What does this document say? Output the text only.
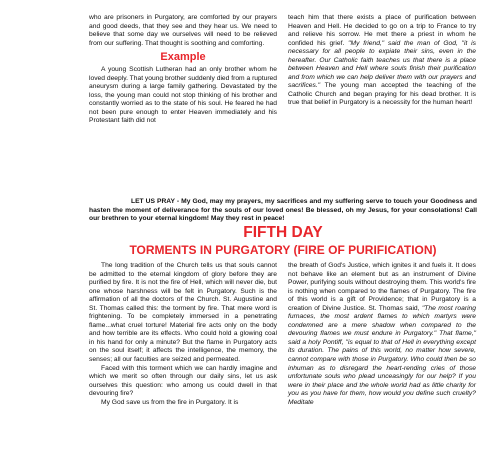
who are prisoners in Purgatory, are comforted by our prayers and good deeds, that they see and they hear us. We need to believe that some day we ourselves will need to be relieved from our suffering. That thought is soothing and comforting.

Example

A young Scottish Lutheran had an only brother whom he loved deeply. That young brother suddenly died from a ruptured aneurysm during a large family gathering. Devastated by the loss, the young man could not stop thinking of his brother and constantly worried as to the state of his soul. He feared he had not been pure enough to enter Heaven immediately and his Protestant faith did not

teach him that there exists a place of purification between Heaven and Hell. He decided to go on a trip to France to try and relieve his sorrow. He met there a priest in whom he confided his grief. "My friend," said the man of God, "it is necessary for all people to expiate their sins, even in the hereafter. Our Catholic faith teaches us that there is a place between Heaven and Hell where souls finish their purification and from which we can help deliver them with our prayers and sacrifices." The young man accepted the teaching of the Catholic Church and began praying for his dead brother. It is true that belief in Purgatory is a necessity for the human heart!

LET US PRAY - My God, may my prayers, my sacrifices and my suffering serve to touch your Goodness and hasten the moment of deliverance for the souls of our loved ones! Be blessed, oh my Jesus, for your consolations! Call our brethren to your eternal kingdom! May they rest in peace!
FIFTH DAY
TORMENTS IN PURGATORY (FIRE OF PURIFICATION)

The long tradition of the Church tells us that souls cannot be admitted to the eternal kingdom of glory before they are purified by fire. It is not the fire of Hell, which will never die, but one whose harshness will be felt in Purgatory. Such is the affirmation of all the doctors of the Church. St. Augustine and St. Thomas called this: the torment by fire. That mere word is frightening. To be completely immersed in a penetrating flame...what cruel torture! Material fire acts only on the body and how terrible are its effects. Who could hold a glowing coal in his hand for only a minute? But the flame in Purgatory acts on the soul itself; it affects the intelligence, the memory, the senses; all our faculties are seized and permeated.

Faced with this torment which we can hardly imagine and which we merit so often through our daily sins, let us ask ourselves this question: who among us could dwell in that devouring fire?

My God save us from the fire in Purgatory. It is

the breath of God's Justice, which ignites it and fuels it. It does not behave like an element but as an instrument of Divine Power, purifying souls without destroying them. This world's fire is nothing when compared to the flames of Purgatory. The fire of this world is a gift of Providence; that in Purgatory is a creation of Divine Justice. St. Thomas said, "The most roaring furnaces, the most ardent flames to which martyrs were condemned are a mere shadow when compared to the devouring flames we must endure in Purgatory." That flame," said a holy Pontiff, "is equal to that of Hell in everything except its duration. The pains of this world, no matter how severe, cannot compare with those in Purgatory. Who could then be so inhuman as to disregard the heart-rending cries of those unfortunate souls who plead unceasingly for our help? If you were in their place and the whole world had as little charity for you as you have for them, how would you define such cruelty? Meditate
